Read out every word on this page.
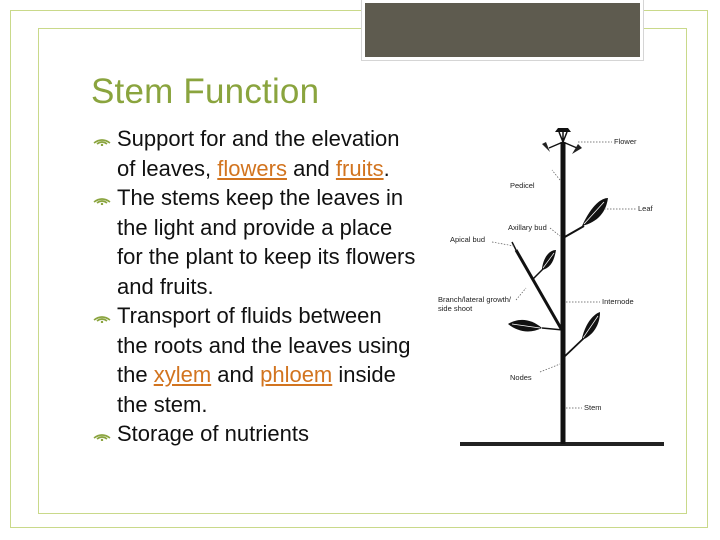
Stem Function
Support for and the elevation
of leaves, flowers and fruits.
The stems keep the leaves in
the light and provide a place
for the plant to keep its flowers
and fruits.
Transport of fluids between
the roots and the leaves using
the xylem and phloem inside
the stem.
Storage of nutrients
Flower
Pedicel
Leaf
Axillary bud
Apical bud
Branch/lateral growth/
side shoot
Internode
Nodes
Stem
